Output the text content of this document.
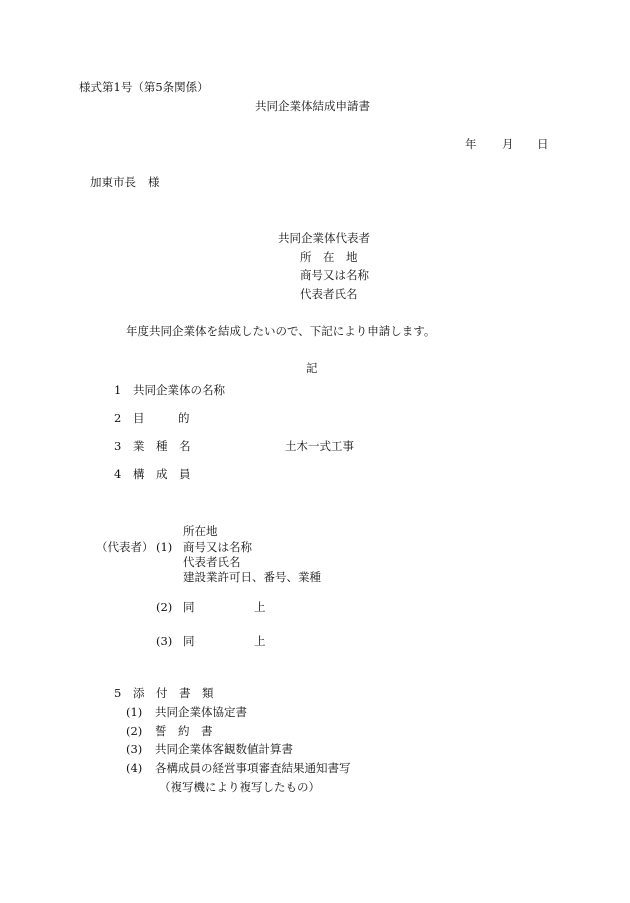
様式第1号（第5条関係）
共同企業体結成申請書
年 月 日
加東市長 様
共同企業体代表者
所　在　地
商号又は名称
代表者氏名
年度共同企業体を結成したいので、下記により申請します。
記
1 共同企業体の名称
2 目	的
3 業　種　名	土木一式工事
4 構　成　員
所在地
（代表者） (1) 商号又は名称
代表者氏名
建設業許可日、番号、業種
(2) 同	上
(3) 同	上
5 添　付　書　類
(1) 共同企業体協定書
(2) 誓　約　書
(3) 共同企業体客観数値計算書
(4) 各構成員の経営事項審査結果通知書写
（複写機により複写したもの）
